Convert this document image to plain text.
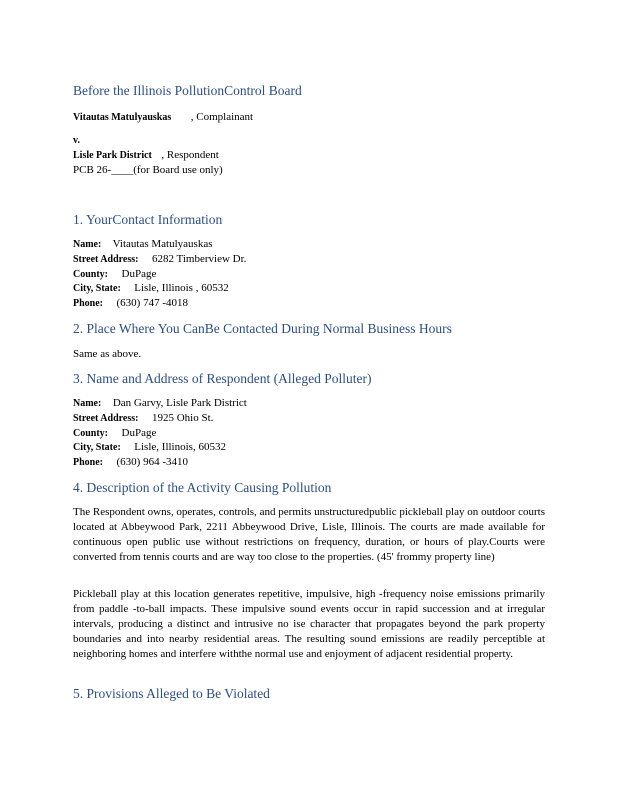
Before the Illinois PollutionControl Board
Vitautas Matulyauskas , Complainant
v.
Lisle Park District , Respondent
PCB 26-____(for Board use only)
1. YourContact Information
Name: Vitautas Matulyauskas
Street Address: 6282 Timberview Dr.
County: DuPage
City, State: Lisle, Illinois , 60532
Phone: (630) 747 -4018
2. Place Where You CanBe Contacted During Normal Business Hours
Same as above.
3. Name and Address of Respondent (Alleged Polluter)
Name: Dan Garvy, Lisle Park District
Street Address: 1925 Ohio St.
County: DuPage
City, State: Lisle, Illinois, 60532
Phone: (630) 964 -3410
4. Description of the Activity Causing Pollution
The Respondent owns, operates, controls, and permits unstructuredpublic pickleball play on outdoor courts located at Abbeywood Park, 2211 Abbeywood Drive, Lisle, Illinois. The courts are made available for continuous open public use without restrictions on frequency, duration, or hours of play.Courts were converted from tennis courts and are way too close to the properties. (45' frommy property line)
Pickleball play at this location generates repetitive, impulsive, high -frequency noise emissions primarily from paddle -to-ball impacts. These impulsive sound events occur in rapid succession and at irregular intervals, producing a distinct and intrusive no ise character that propagates beyond the park property boundaries and into nearby residential areas. The resulting sound emissions are readily perceptible at neighboring homes and interfere withthe normal use and enjoyment of adjacent residential property.
5. Provisions Alleged to Be Violated
